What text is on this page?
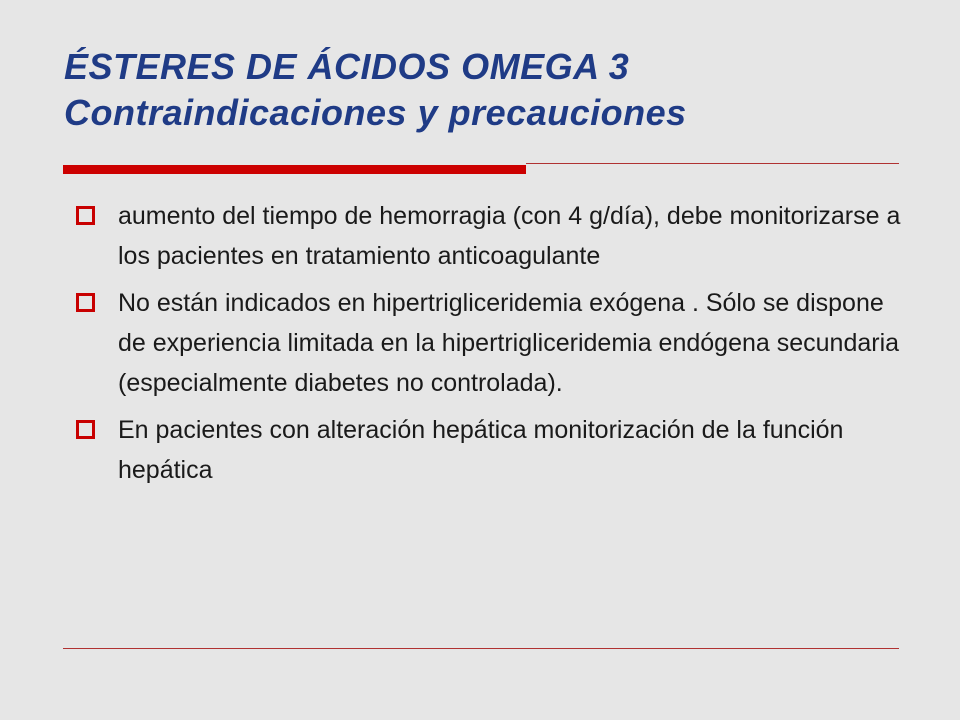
ÉSTERES DE ÁCIDOS OMEGA 3
Contraindicaciones y precauciones
aumento del tiempo de hemorragia (con 4 g/día), debe monitorizarse a los pacientes en tratamiento anticoagulante
No están indicados en hipertrigliceridemia exógena . Sólo se dispone de experiencia limitada en la hipertrigliceridemia endógena secundaria (especialmente diabetes no controlada).
En pacientes con alteración hepática monitorización de la función hepática
